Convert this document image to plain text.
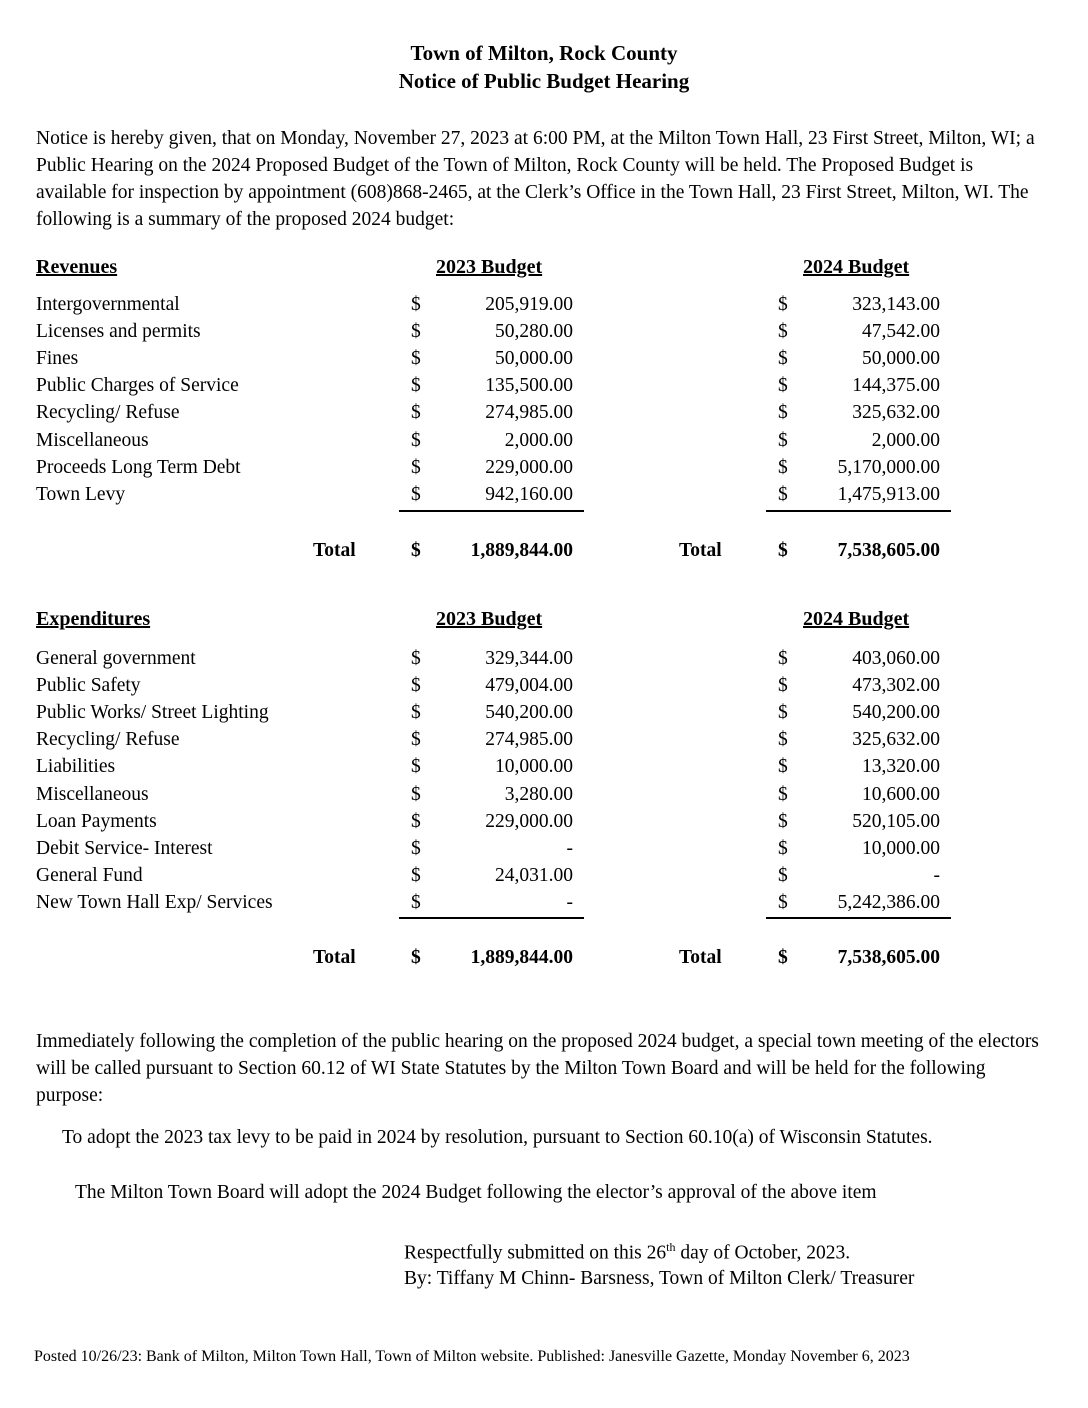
Town of Milton, Rock County
Notice of Public Budget Hearing
Notice is hereby given, that on Monday, November 27, 2023 at 6:00 PM, at the Milton Town Hall, 23 First Street, Milton, WI; a Public Hearing on the 2024 Proposed Budget of the Town of Milton, Rock County will be held. The Proposed Budget is available for inspection by appointment (608)868-2465, at the Clerk’s Office in the Town Hall, 23 First Street, Milton, WI. The following is a summary of the proposed 2024 budget:
Revenues	2023 Budget	2024 Budget
Intergovernmental	$	205,919.00	$	323,143.00
Licenses and permits	$	50,280.00	$	47,542.00
Fines	$	50,000.00	$	50,000.00
Public Charges of Service	$	135,500.00	$	144,375.00
Recycling/ Refuse	$	274,985.00	$	325,632.00
Miscellaneous	$	2,000.00	$	2,000.00
Proceeds Long Term Debt	$	229,000.00	$	5,170,000.00
Town Levy	$	942,160.00	$	1,475,913.00
Total	$	1,889,844.00	Total	$	7,538,605.00
Expenditures	2023 Budget	2024 Budget
General government	$	329,344.00	$	403,060.00
Public Safety	$	479,004.00	$	473,302.00
Public Works/ Street Lighting	$	540,200.00	$	540,200.00
Recycling/ Refuse	$	274,985.00	$	325,632.00
Liabilities	$	10,000.00	$	13,320.00
Miscellaneous	$	3,280.00	$	10,600.00
Loan Payments	$	229,000.00	$	520,105.00
Debit Service- Interest	$	-	$	10,000.00
General Fund	$	24,031.00	$	-
New Town Hall Exp/ Services	$	-	$	5,242,386.00
Total	$	1,889,844.00	Total	$	7,538,605.00
Immediately following the completion of the public hearing on the proposed 2024 budget, a special town meeting of the electors will be called pursuant to Section 60.12 of WI State Statutes by the Milton Town Board and will be held for the following purpose:
To adopt the 2023 tax levy to be paid in 2024 by resolution, pursuant to Section 60.10(a) of Wisconsin Statutes.
The Milton Town Board will adopt the 2024 Budget following the elector’s approval of the above item
Respectfully submitted on this 26th day of October, 2023.
By: Tiffany M Chinn- Barsness, Town of Milton Clerk/ Treasurer
Posted 10/26/23: Bank of Milton, Milton Town Hall, Town of Milton website. Published: Janesville Gazette, Monday November 6, 2023
